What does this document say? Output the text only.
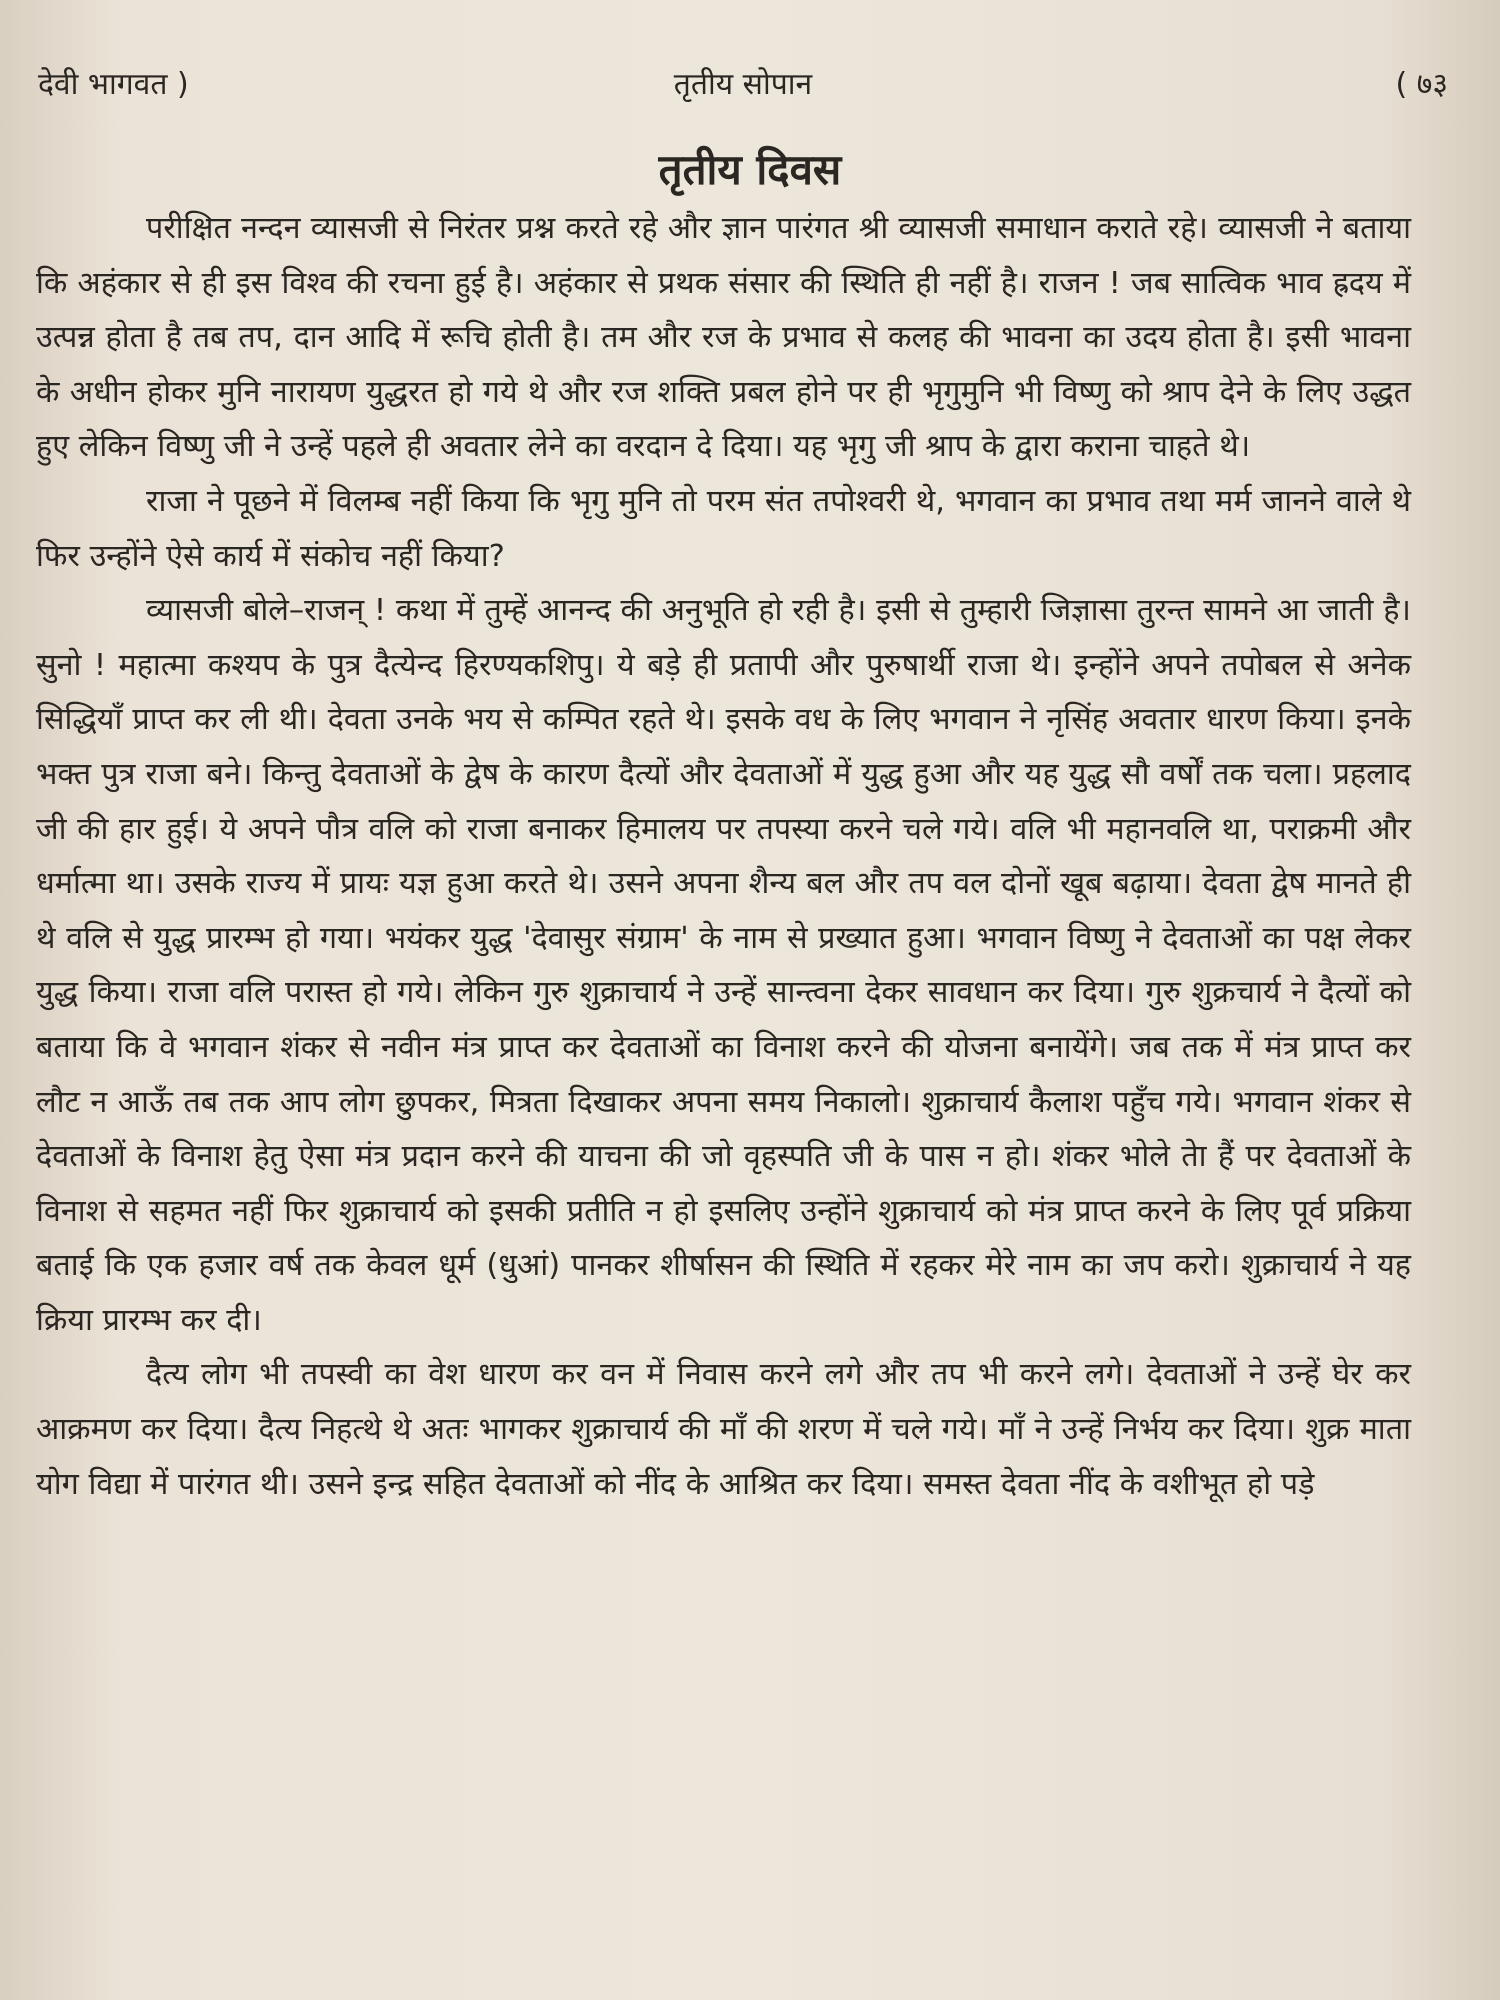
देवी भागवत )	तृतीय सोपान	( ७३
तृतीय दिवस

परीक्षित नन्दन व्यासजी से निरंतर प्रश्न करते रहे और ज्ञान पारंगत श्री व्यासजी समाधान कराते रहे। व्यासजी ने बताया कि अहंकार से ही इस विश्व की रचना हुई है। अहंकार से प्रथक संसार की स्थिति ही नहीं है। राजन ! जब सात्विक भाव ह्रदय में उत्पन्न होता है तब तप, दान आदि में रूचि होती है। तम और रज के प्रभाव से कलह की भावना का उदय होता है। इसी भावना के अधीन होकर मुनि नारायण युद्धरत हो गये थे और रज शक्ति प्रबल होने पर ही भृगुमुनि भी विष्णु को श्राप देने के लिए उद्धत हुए लेकिन विष्णु जी ने उन्हें पहले ही अवतार लेने का वरदान दे दिया। यह भृगु जी श्राप के द्वारा कराना चाहते थे।

राजा ने पूछने में विलम्ब नहीं किया कि भृगु मुनि तो परम संत तपोश्वरी थे, भगवान का प्रभाव तथा मर्म जानने वाले थे फिर उन्होंने ऐसे कार्य में संकोच नहीं किया?

व्यासजी बोले–राजन् ! कथा में तुम्हें आनन्द की अनुभूति हो रही है। इसी से तुम्हारी जिज्ञासा तुरन्त सामने आ जाती है। सुनो ! महात्मा कश्यप के पुत्र दैत्येन्द हिरण्यकशिपु। ये बड़े ही प्रतापी और पुरुषार्थी राजा थे। इन्होंने अपने तपोबल से अनेक सिद्धियाँ प्राप्त कर ली थी। देवता उनके भय से कम्पित रहते थे। इसके वध के लिए भगवान ने नृसिंह अवतार धारण किया। इनके भक्त पुत्र राजा बने। किन्तु देवताओं के द्वेष के कारण दैत्यों और देवताओं में युद्ध हुआ और यह युद्ध सौ वर्षों तक चला। प्रहलाद जी की हार हुई। ये अपने पौत्र वलि को राजा बनाकर हिमालय पर तपस्या करने चले गये। वलि भी महानवलि था, पराक्रमी और धर्मात्मा था। उसके राज्य में प्रायः यज्ञ हुआ करते थे। उसने अपना शैन्य बल और तप वल दोनों खूब बढ़ाया। देवता द्वेष मानते ही थे वलि से युद्ध प्रारम्भ हो गया। भयंकर युद्ध 'देवासुर संग्राम' के नाम से प्रख्यात हुआ। भगवान विष्णु ने देवताओं का पक्ष लेकर युद्ध किया। राजा वलि परास्त हो गये। लेकिन गुरु शुक्राचार्य ने उन्हें सान्त्वना देकर सावधान कर दिया। गुरु शुक्रचार्य ने दैत्यों को बताया कि वे भगवान शंकर से नवीन मंत्र प्राप्त कर देवताओं का विनाश करने की योजना बनायेंगे। जब तक में मंत्र प्राप्त कर लौट न आऊँ तब तक आप लोग छुपकर, मित्रता दिखाकर अपना समय निकालो। शुक्राचार्य कैलाश पहुँच गये। भगवान शंकर से देवताओं के विनाश हेतु ऐसा मंत्र प्रदान करने की याचना की जो वृहस्पति जी के पास न हो। शंकर भोले तेा हैं पर देवताओं के विनाश से सहमत नहीं फिर शुक्राचार्य को इसकी प्रतीति न हो इसलिए उन्होंने शुक्राचार्य को मंत्र प्राप्त करने के लिए पूर्व प्रक्रिया बताई कि एक हजार वर्ष तक केवल धूर्म (धुआं) पानकर शीर्षासन की स्थिति में रहकर मेरे नाम का जप करो। शुक्राचार्य ने यह क्रिया प्रारम्भ कर दी।

दैत्य लोग भी तपस्वी का वेश धारण कर वन में निवास करने लगे और तप भी करने लगे। देवताओं ने उन्हें घेर कर आक्रमण कर दिया। दैत्य निहत्थे थे अतः भागकर शुक्राचार्य की माँ की शरण में चले गये। माँ ने उन्हें निर्भय कर दिया। शुक्र माता योग विद्या में पारंगत थी। उसने इन्द्र सहित देवताओं को नींद के आश्रित कर दिया। समस्त देवता नींद के वशीभूत हो पड़े
